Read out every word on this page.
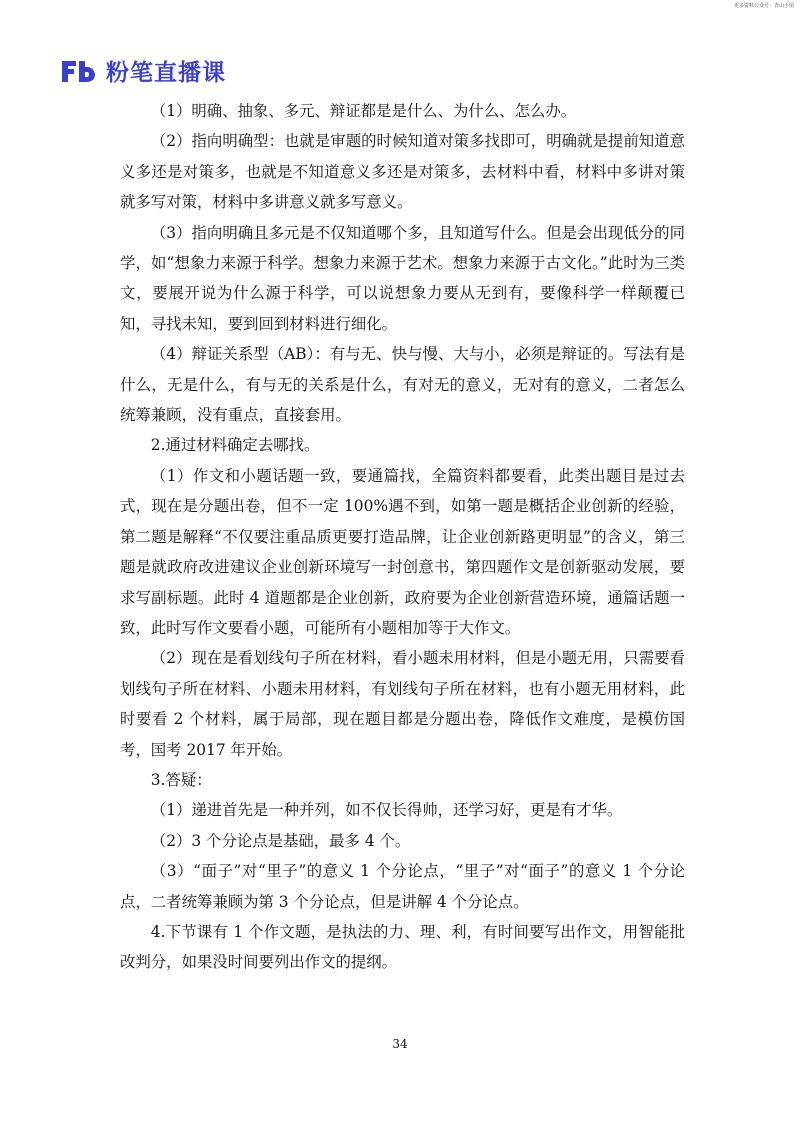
更多资料公众号：青山小馆
粉笔直播课

（1）明确、抽象、多元、辩证都是是什么、为什么、怎么办。

（2）指向明确型：也就是审题的时候知道对策多找即可，明确就是提前知道意义多还是对策多，也就是不知道意义多还是对策多，去材料中看，材料中多讲对策就多写对策，材料中多讲意义就多写意义。

（3）指向明确且多元是不仅知道哪个多，且知道写什么。但是会出现低分的同学，如“想象力来源于科学。想象力来源于艺术。想象力来源于古文化。”此时为三类文，要展开说为什么源于科学，可以说想象力要从无到有，要像科学一样颠覆已知，寻找未知，要到回到材料进行细化。

（4）辩证关系型（AB）：有与无、快与慢、大与小，必须是辩证的。写法有是什么，无是什么，有与无的关系是什么，有对无的意义，无对有的意义，二者怎么统筹兼顾，没有重点，直接套用。

2.通过材料确定去哪找。

（1）作文和小题话题一致，要通篇找，全篇资料都要看，此类出题目是过去式，现在是分题出卷，但不一定 100%遇不到，如第一题是概括企业创新的经验，第二题是解释“不仅要注重品质更要打造品牌，让企业创新路更明显”的含义，第三题是就政府改进建议企业创新环境写一封创意书，第四题作文是创新驱动发展，要求写副标题。此时 4 道题都是企业创新，政府要为企业创新营造环境，通篇话题一致，此时写作文要看小题，可能所有小题相加等于大作文。

（2）现在是看划线句子所在材料，看小题未用材料，但是小题无用，只需要看划线句子所在材料、小题未用材料，有划线句子所在材料，也有小题无用材料，此时要看 2 个材料，属于局部，现在题目都是分题出卷，降低作文难度，是模仿国考，国考 2017 年开始。

3.答疑：

（1）递进首先是一种并列，如不仅长得帅，还学习好，更是有才华。

（2）3 个分论点是基础，最多 4 个。

（3）“面子”对“里子”的意义 1 个分论点，“里子”对“面子”的意义 1 个分论点，二者统筹兼顾为第 3 个分论点，但是讲解 4 个分论点。

4.下节课有 1 个作文题，是执法的力、理、利，有时间要写出作文，用智能批改判分，如果没时间要列出作文的提纲。

34
